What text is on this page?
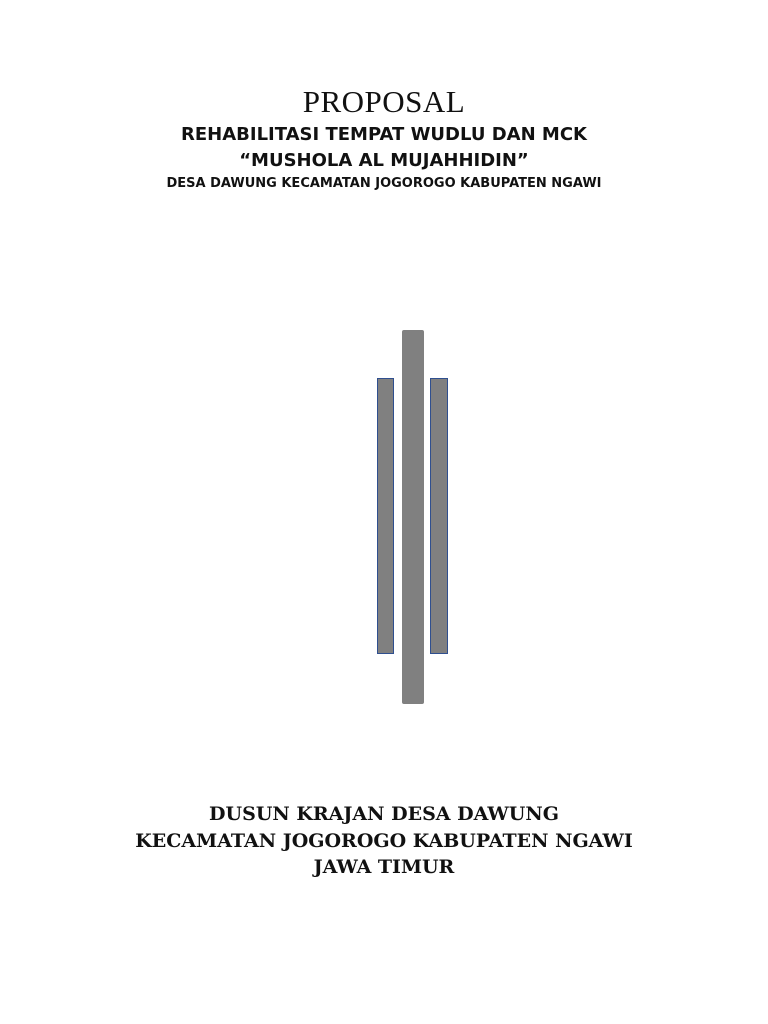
PROPOSAL
REHABILITASI TEMPAT WUDLU DAN MCK
“MUSHOLA AL MUJAHHIDIN”
DESA DAWUNG KECAMATAN JOGOROGO KABUPATEN NGAWI
DUSUN KRAJAN DESA DAWUNG
KECAMATAN JOGOROGO KABUPATEN NGAWI
JAWA TIMUR
